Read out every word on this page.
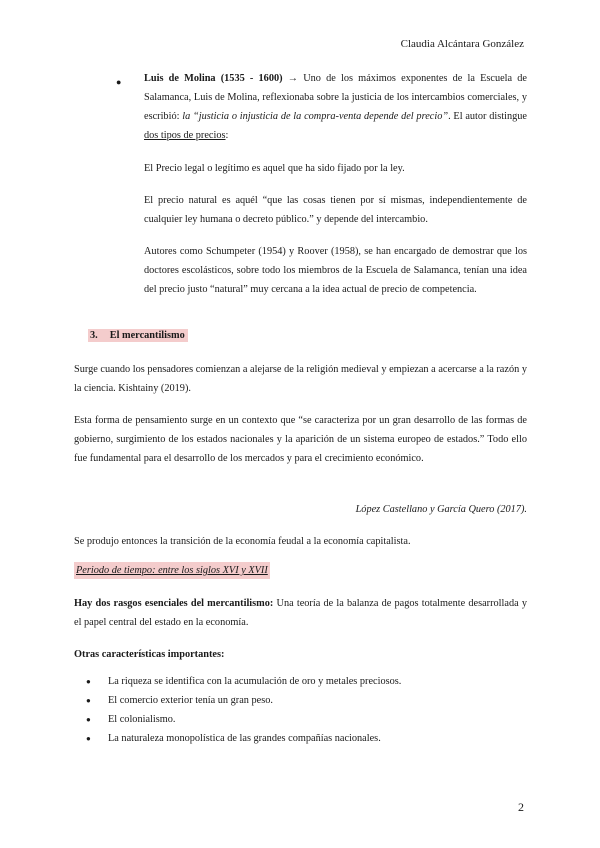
Claudia Alcántara González
● Luis de Molina (1535 - 1600) → Uno de los máximos exponentes de la Escuela de Salamanca, Luis de Molina, reflexionaba sobre la justicia de los intercambios comerciales, y escribió: la “justicia o injusticia de la compra-venta depende del precio”. El autor distingue dos tipos de precios:

El Precio legal o legítimo es aquel que ha sido fijado por la ley.

El precio natural es aquél “que las cosas tienen por sí mismas, independientemente de cualquier ley humana o decreto público.” y depende del intercambio.

Autores como Schumpeter (1954) y Roover (1958), se han encargado de demostrar que los doctores escolásticos, sobre todo los miembros de la Escuela de Salamanca, tenían una idea del precio justo “natural” muy cercana a la idea actual de precio de competencia.

3. El mercantilismo

Surge cuando los pensadores comienzan a alejarse de la religión medieval y empiezan a acercarse a la razón y la ciencia. Kishtainy (2019).

Esta forma de pensamiento surge en un contexto que “se caracteriza por un gran desarrollo de las formas de gobierno, surgimiento de los estados nacionales y la aparición de un sistema europeo de estados.” Todo ello fue fundamental para el desarrollo de los mercados y para el crecimiento económico.

López Castellano y García Quero (2017).

Se produjo entonces la transición de la economía feudal a la economía capitalista.

Periodo de tiempo: entre los siglos XVI y XVII

Hay dos rasgos esenciales del mercantilismo: Una teoría de la balanza de pagos totalmente desarrollada y el papel central del estado en la economía.

Otras características importantes:

● La riqueza se identifica con la acumulación de oro y metales preciosos.
● El comercio exterior tenía un gran peso.
● El colonialismo.
● La naturaleza monopolística de las grandes compañías nacionales.
2
